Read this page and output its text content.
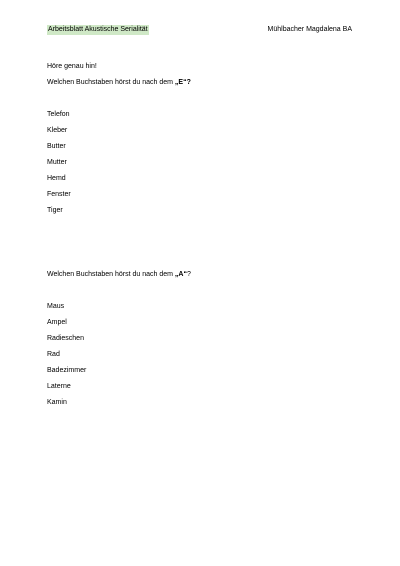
Arbeitsblatt Akustische Serialität	Mühlbacher Magdalena BA
Höre genau hin!
Welchen Buchstaben hörst du nach dem „E“?
Telefon
Kleber
Butter
Mutter
Hemd
Fenster
Tiger
Welchen Buchstaben hörst du nach dem „A“?
Maus
Ampel
Radieschen
Rad
Badezimmer
Laterne
Kamin
